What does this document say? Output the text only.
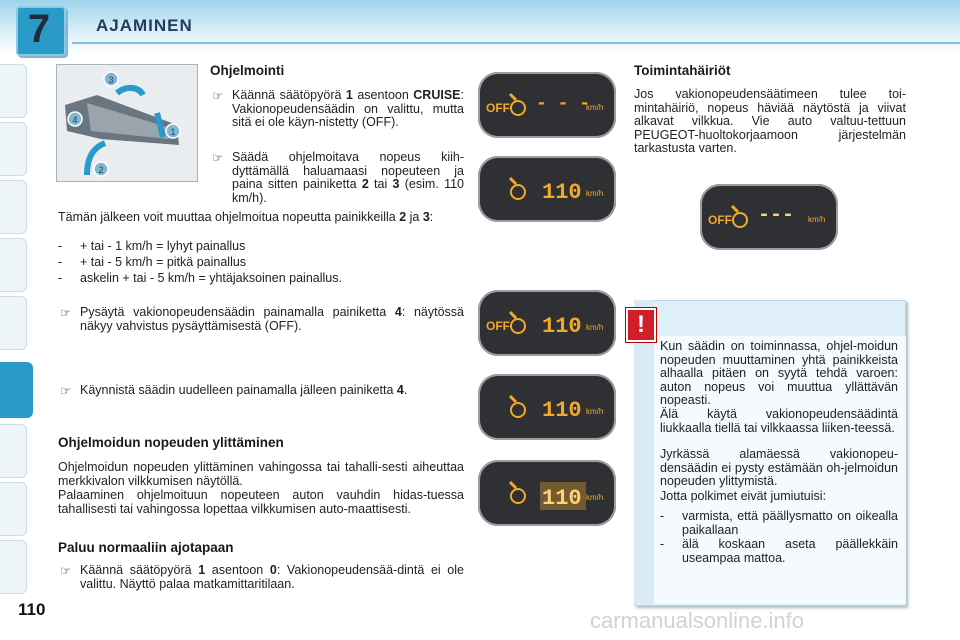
7	AJAMINEN
3
4
1
2
Ohjelmointi
☞ Käännä säätöpyörä 1 asentoon CRUISE: Vakionopeudensäädin on valittu, mutta sitä ei ole käyn-nistetty (OFF).
☞ Säädä ohjelmoitava nopeus kiih-dyttämällä haluamaasi nopeuteen ja paina sitten painiketta 2 tai 3 (esim. 110 km/h).
Tämän jälkeen voit muuttaa ohjelmoitua nopeutta painikkeilla 2 ja 3:
- + tai - 1 km/h = lyhyt painallus
- + tai - 5 km/h = pitkä painallus
- askelin + tai - 5 km/h = yhtäjaksoinen painallus.
☞ Pysäytä vakionopeudensäädin painamalla painiketta 4: näytössä näkyy vahvistus pysäyttämisestä (OFF).
☞ Käynnistä säädin uudelleen painamalla jälleen painiketta 4.
Ohjelmoidun nopeuden ylittäminen
Ohjelmoidun nopeuden ylittäminen vahingossa tai tahalli-sesti aiheuttaa merkkivalon vilkkumisen näytöllä.
Palaaminen ohjelmoituun nopeuteen auton vauhdin hidas-tuessa tahallisesti tai vahingossa lopettaa vilkkumisen auto-maattisesti.
Paluu normaaliin ajotapaan
☞ Käännä säätöpyörä 1 asentoon 0: Vakionopeudensää-dintä ei ole valittu. Näyttö palaa matkamittaritilaan.
OFF - - -
km/h
110 km/h
OFF 110 km/h
110 km/h
110 km/h
Toimintahäiriöt
Jos vakionopeudensäätimeen tulee toi-mintahäiriö, nopeus häviää näytöstä ja viivat alkavat vilkkua. Vie auto valtuu-tettuun PEUGEOT-huoltokorjaamoon järjestelmän tarkastusta varten.
OFF --- km/h
!
Kun säädin on toiminnassa, ohjel-moidun nopeuden muuttaminen yhtä painikkeista alhaalla pitäen on syytä tehdä varoen: auton nopeus voi muuttua yllättävän nopeasti.
Älä käytä vakionopeudensäädintä liukkaalla tiellä tai vilkkaassa liiken-teessä.
Jyrkässä alamäessä vakionopeu-densäädin ei pysty estämään oh-jelmoidun nopeuden ylittymistä.
Jotta polkimet eivät jumiutuisi:
- varmista, että päällysmatto on oikealla paikallaan
- älä koskaan aseta päällekkäin useampaa mattoa.
110	carmanualsonline.info
